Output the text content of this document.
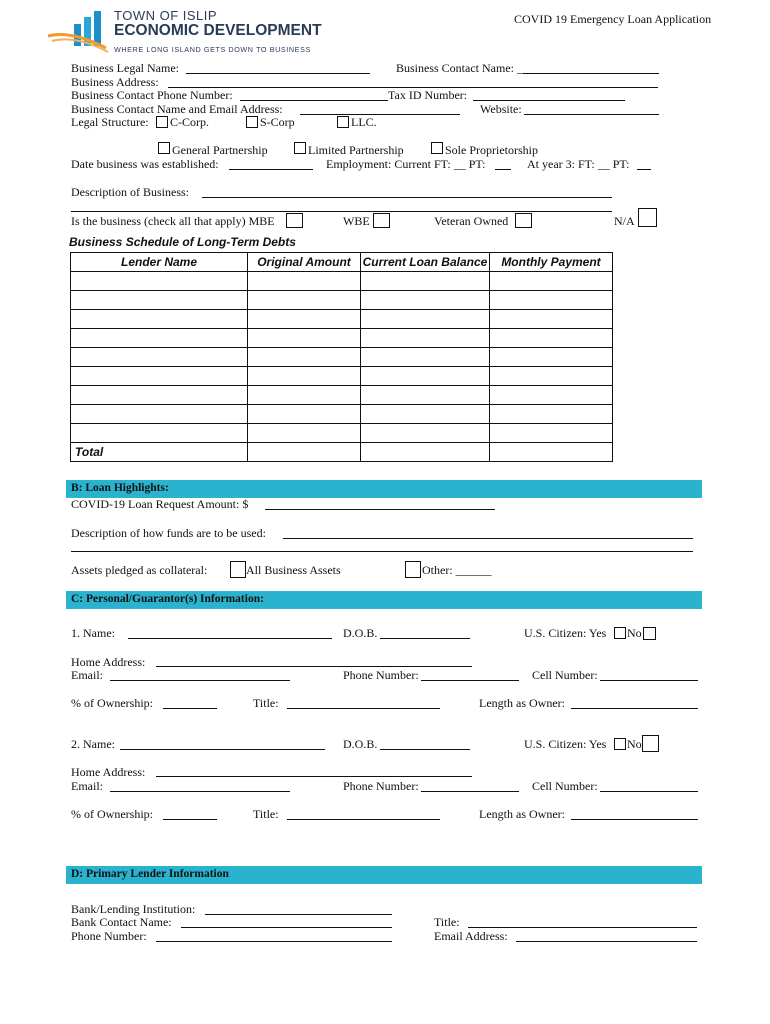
TOWN OF ISLIP
ECONOMIC DEVELOPMENT
WHERE LONG ISLAND GETS DOWN TO BUSINESS
COVID 19 Emergency Loan Application
Business Legal Name:	Business Contact Name: _
Business Address:
Business Contact Phone Number:	Tax ID Number:
Business Contact Name and Email Address:	Website:
Legal Structure: C-Corp.	S-Corp	LLC.
General Partnership	Limited Partnership	Sole Proprietorship
Date business was established:	Employment: Current FT: __ PT:	At year 3: FT: __ PT:
Description of Business:
Is the business (check all that apply) MBE	WBE	Veteran Owned	N/A
Business Schedule of Long-Term Debts
Lender Name	Original Amount	Current Loan Balance	Monthly Payment

Total			
B: Loan Highlights:
COVID-19 Loan Request Amount: $
Description of how funds are to be used:
Assets pledged as collateral:	All Business Assets	Other: ______
C: Personal/Guarantor(s) Information:
1. Name:	D.O.B.	U.S. Citizen: Yes No
Home Address:
Email:	Phone Number:	Cell Number:
% of Ownership:	Title:	Length as Owner:
2. Name:	D.O.B.	U.S. Citizen: Yes No
Home Address:
Email:	Phone Number:	Cell Number:
% of Ownership:	Title:	Length as Owner:
D: Primary Lender Information
Bank/Lending Institution:
Bank Contact Name:	Title:
Phone Number:	Email Address:
